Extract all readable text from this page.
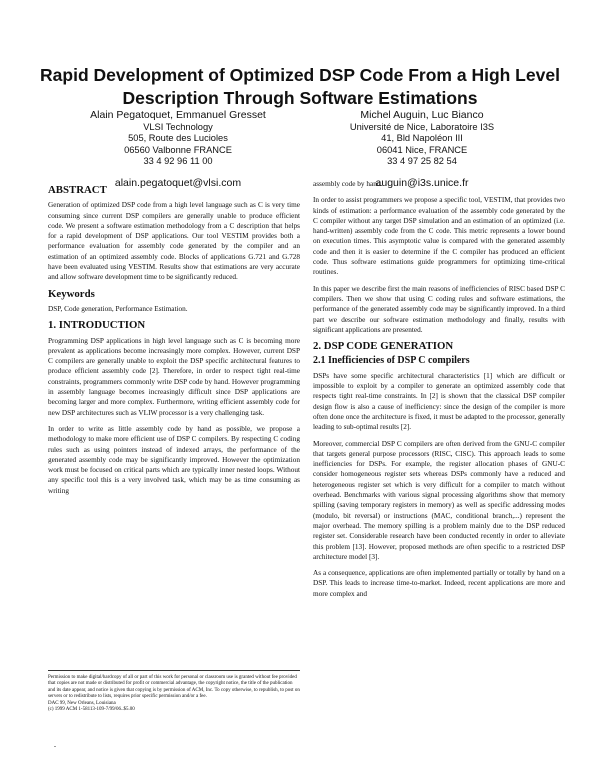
Rapid Development of Optimized DSP Code From a High Level Description Through Software Estimations
Alain Pegatoquet, Emmanuel Gresset
VLSI Technology
505, Route des Lucioles
06560 Valbonne FRANCE
33 4 92 96 11 00
alain.pegatoquet@vlsi.com
Michel Auguin, Luc Bianco
Université de Nice, Laboratoire I3S
41, Bld Napoléon III
06041 Nice, FRANCE
33 4 97 25 82 54
auguin@i3s.unice.fr
ABSTRACT

Generation of optimized DSP code from a high level language such as C is very time consuming since current DSP compilers are generally unable to produce efficient code. We present a software estimation methodology from a C description that helps for a rapid development of DSP applications. Our tool VESTIM provides both a performance evaluation for assembly code generated by the compiler and an estimation of an optimized assembly code. Blocks of applications G.721 and G.728 have been evaluated using VESTIM. Results show that estimations are very accurate and allow software development time to be significantly reduced.

Keywords

DSP, Code generation, Performance Estimation.

1. INTRODUCTION

Programming DSP applications in high level language such as C is becoming more prevalent as applications become increasingly more complex. However, current DSP C compilers are generally unable to exploit the DSP specific architectural features to produce efficient assembly code [2]. Therefore, in order to respect tight real-time constraints, programmers commonly write DSP code by hand. However programming in assembly language becomes increasingly difficult since DSP applications are becoming larger and more complex. Furthermore, writing efficient assembly code for new DSP architectures such as VLIW processor is a very challenging task.

In order to write as little assembly code by hand as possible, we propose a methodology to make more efficient use of DSP C compilers. By respecting C coding rules such as using pointers instead of indexed arrays, the performance of the generated assembly code may be significantly improved. However the optimization work must be focused on critical parts which are typically inner nested loops. Without any specific tool this is a very involved task, which may be as time consuming as writing

assembly code by hand.

In order to assist programmers we propose a specific tool, VESTIM, that provides two kinds of estimation: a performance evaluation of the assembly code generated by the C compiler without any target DSP simulation and an estimation of an optimized (i.e. hand-written) assembly code from the C code. This metric represents a lower bound on execution times. This asymptotic value is compared with the generated assembly code and then it is easier to determine if the C compiler has produced an efficient code. Thus software estimations guide programmers for optimizing time-critical routines.

In this paper we describe first the main reasons of inefficiencies of RISC based DSP C compilers. Then we show that using C coding rules and software estimations, the performance of the generated assembly code may be significantly improved. In a third part we describe our software estimation methodology and finally, results with significant applications are presented.

2. DSP CODE GENERATION
2.1 Inefficiencies of DSP C compilers

DSPs have some specific architectural characteristics [1] which are difficult or impossible to exploit by a compiler to generate an optimized assembly code that respects tight real-time constraints. In [2] is shown that the classical DSP compiler design flow is also a cause of inefficiency: since the design of the compiler is more often done once the architecture is fixed, it must be adapted to the processor, generally leading to sub-optimal results [2].

Moreover, commercial DSP C compilers are often derived from the GNU-C compiler that targets general purpose processors (RISC, CISC). This approach leads to some inefficiencies for DSPs. For example, the register allocation phases of GNU-C consider homogeneous register sets whereas DSPs commonly have a reduced and heterogeneous register set which is very difficult for a compiler to match without overhead. Benchmarks with various signal processing algorithms show that memory spilling (saving temporary registers in memory) as well as specific addressing modes (modulo, bit reversal) or instructions (MAC, conditional branch,...) represent the major overhead. The memory spilling is a problem mainly due to the DSP reduced register set. Considerable research have been conducted recently in order to alleviate this problem [13]. However, proposed methods are often specific to a restricted DSP architecture model [3].

As a consequence, applications are often implemented partially or totally by hand on a DSP. This leads to increase time-to-market. Indeed, recent applications are more and more complex and

Permission to make digital/hardcopy of all or part of this work for personal or classroom use is granted without fee provided that copies are not made or distributed for profit or commercial advantage, the copyright notice, the title of the publication and its date appear, and notice is given that copying is by permission of ACM, Inc. To copy otherwise, to republish, to post on servers or to redistribute to lists, requires prior specific permission and/or a fee.

DAC 99, New Orleans, Louisiana

(c) 1999 ACM 1-58113-109-7/99/06..$5.00
